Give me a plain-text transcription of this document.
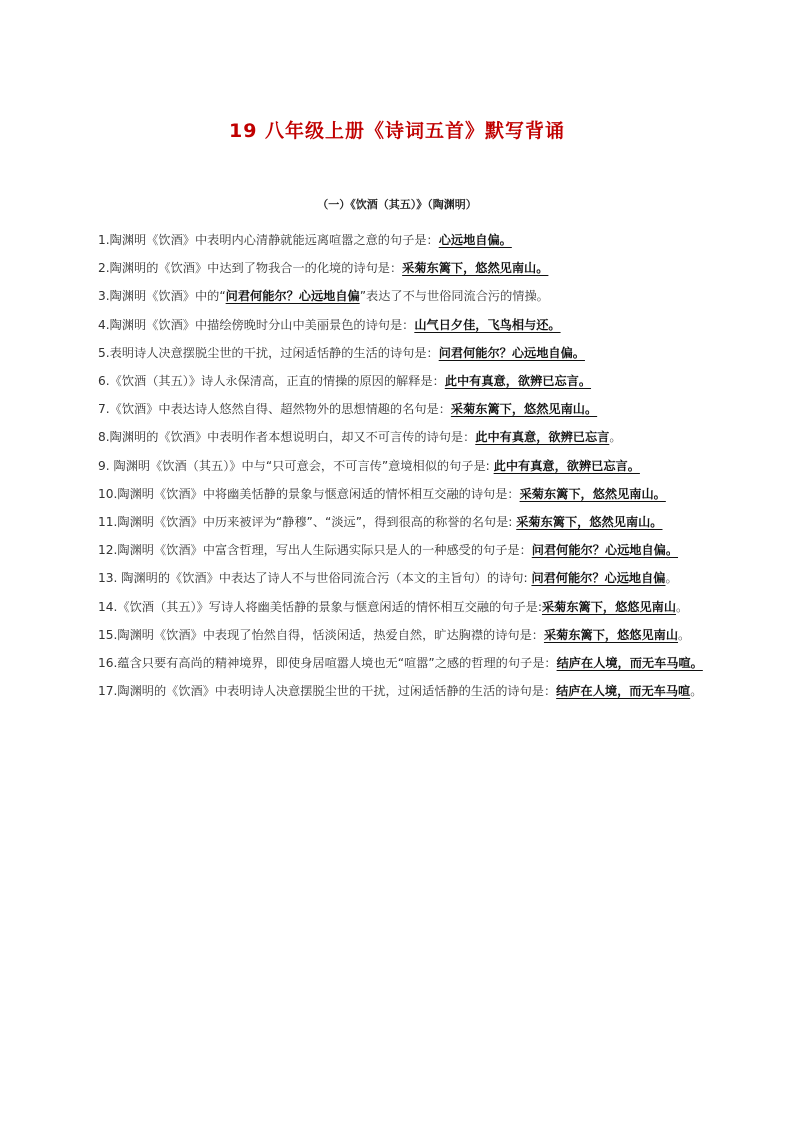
19 八年级上册《诗词五首》默写背诵
（一）《饮酒（其五）》（陶渊明）

1.陶渊明《饮酒》中表明内心清静就能远离喧嚣之意的句子是：心远地自偏。

2.陶渊明的《饮酒》中达到了物我合一的化境的诗句是：采菊东篱下，悠然见南山。

3.陶渊明《饮酒》中的“问君何能尔？心远地自偏”表达了不与世俗同流合污的情操。

4.陶渊明《饮酒》中描绘傍晚时分山中美丽景色的诗句是：山气日夕佳，飞鸟相与还。

5.表明诗人决意摆脱尘世的干扰，过闲适恬静的生活的诗句是：问君何能尔？心远地自偏。

6.《饮酒（其五）》诗人永保清高，正直的情操的原因的解释是：此中有真意，欲辨已忘言。

7.《饮酒》中表达诗人悠然自得、超然物外的思想情趣的名句是：采菊东篱下，悠然见南山。

8.陶渊明的《饮酒》中表明作者本想说明白，却又不可言传的诗句是：此中有真意，欲辨已忘言。

9. 陶渊明《饮酒（其五）》中与“只可意会，不可言传”意境相似的句子是: 此中有真意，欲辨已忘言。

10.陶渊明《饮酒》中将幽美恬静的景象与惬意闲适的情怀相互交融的诗句是：采菊东篱下，悠然见南山。

11.陶渊明《饮酒》中历来被评为“静穆”、“淡远”，得到很高的称誉的名句是: 采菊东篱下，悠然见南山。

12.陶渊明《饮酒》中富含哲理，写出人生际遇实际只是人的一种感受的句子是：问君何能尔？心远地自偏。

13. 陶渊明的《饮酒》中表达了诗人不与世俗同流合污（本文的主旨句）的诗句: 问君何能尔？心远地自偏。

14.《饮酒（其五）》写诗人将幽美恬静的景象与惬意闲适的情怀相互交融的句子是:采菊东篱下，悠悠见南山。

15.陶渊明《饮酒》中表现了怡然自得，恬淡闲适，热爱自然，旷达胸襟的诗句是：采菊东篱下，悠悠见南山。

16.蕴含只要有高尚的精神境界，即使身居喧嚣人境也无“喧嚣”之感的哲理的句子是：结庐在人境，而无车马喧。

17.陶渊明的《饮酒》中表明诗人决意摆脱尘世的干扰，过闲适恬静的生活的诗句是：结庐在人境，而无车马喧。
